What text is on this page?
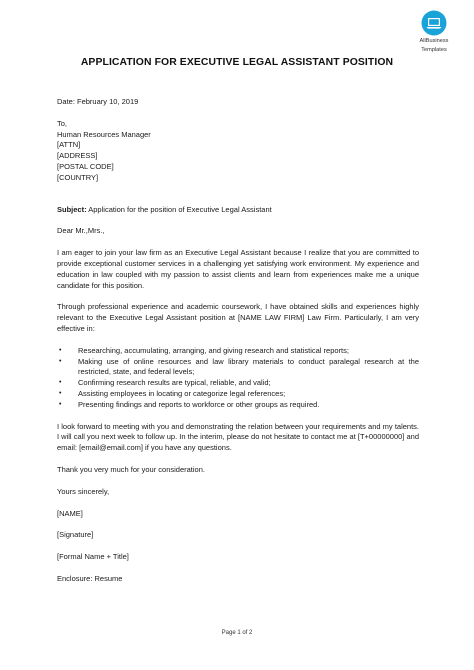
AllBusiness
Templates
APPLICATION FOR EXECUTIVE LEGAL ASSISTANT POSITION
Date: February 10, 2019
To,
Human Resources Manager
[ATTN]
[ADDRESS]
[POSTAL CODE]
[COUNTRY]
Subject: Application for the position of Executive Legal Assistant
Dear Mr.,Mrs.,
I am eager to join your law firm as an Executive Legal Assistant because I realize that you are committed to provide exceptional customer services in a challenging yet satisfying work environment. My experience and education in law coupled with my passion to assist clients and learn from experiences make me a unique candidate for this position.
Through professional experience and academic coursework, I have obtained skills and experiences highly relevant to the Executive Legal Assistant position at [NAME LAW FIRM] Law Firm. Particularly, I am very effective in:
• Researching, accumulating, arranging, and giving research and statistical reports;
• Making use of online resources and law library materials to conduct paralegal research at the restricted, state, and federal levels;
• Confirming research results are typical, reliable, and valid;
• Assisting employees in locating or categorize legal references;
• Presenting findings and reports to workforce or other groups as required.
I look forward to meeting with you and demonstrating the relation between your requirements and my talents. I will call you next week to follow up. In the interim, please do not hesitate to contact me at [T+00000000] and email: [email@email.com] if you have any questions.
Thank you very much for your consideration.
Yours sincerely,
[NAME]
[Signature]
[Formal Name + Title]
Enclosure: Resume
Page 1 of 2
